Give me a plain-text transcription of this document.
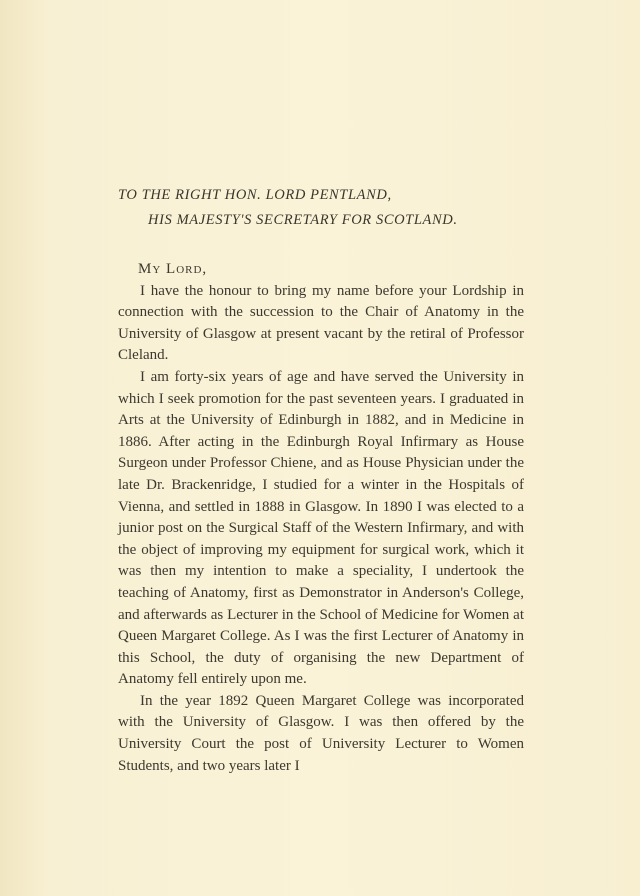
TO THE RIGHT HON. LORD PENTLAND,
HIS MAJESTY'S SECRETARY FOR SCOTLAND.
My Lord,

I have the honour to bring my name before your Lordship in connection with the succession to the Chair of Anatomy in the University of Glasgow at present vacant by the retiral of Professor Cleland.

I am forty-six years of age and have served the University in which I seek promotion for the past seventeen years. I graduated in Arts at the University of Edinburgh in 1882, and in Medicine in 1886. After acting in the Edinburgh Royal Infirmary as House Surgeon under Professor Chiene, and as House Physician under the late Dr. Brackenridge, I studied for a winter in the Hospitals of Vienna, and settled in 1888 in Glasgow. In 1890 I was elected to a junior post on the Surgical Staff of the Western Infirmary, and with the object of improving my equipment for surgical work, which it was then my intention to make a speciality, I undertook the teaching of Anatomy, first as Demonstrator in Anderson's College, and afterwards as Lecturer in the School of Medicine for Women at Queen Margaret College. As I was the first Lecturer of Anatomy in this School, the duty of organising the new Department of Anatomy fell entirely upon me.

In the year 1892 Queen Margaret College was incorporated with the University of Glasgow. I was then offered by the University Court the post of University Lecturer to Women Students, and two years later I
